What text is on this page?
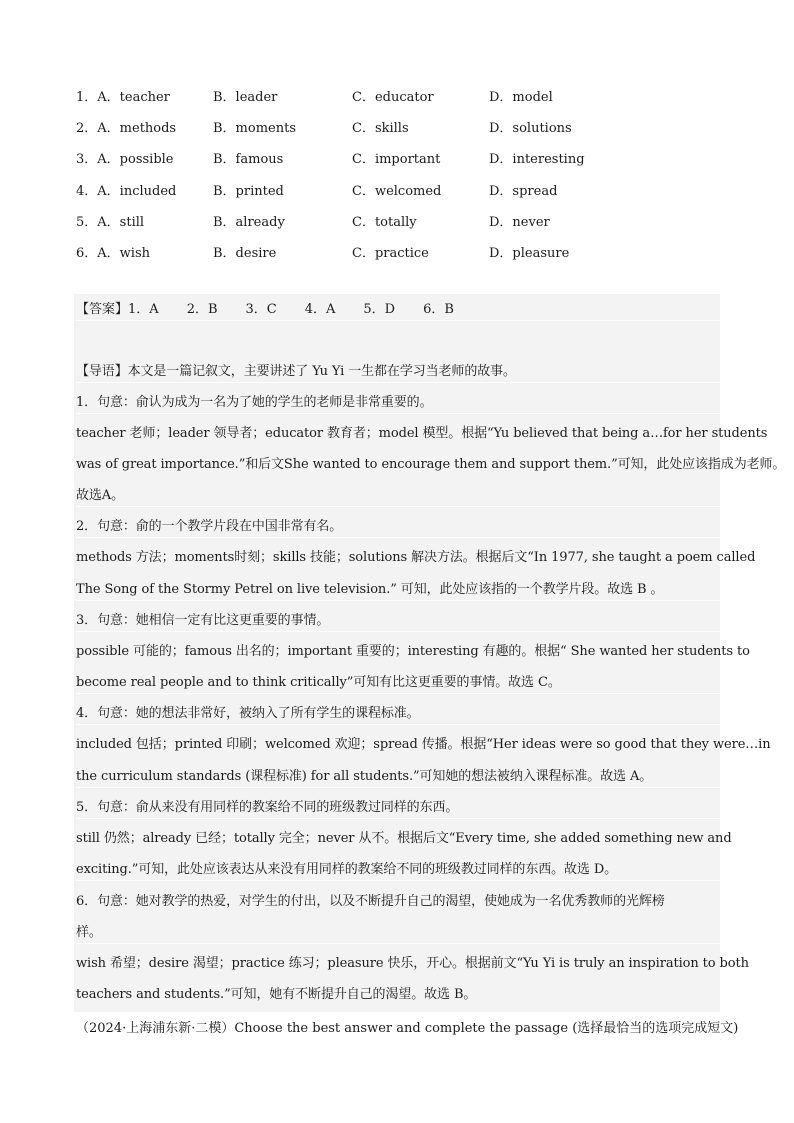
1．A．teacher	B．leader	C．educator	D．model
2．A．methods	B．moments	C．skills	D．solutions
3．A．possible	B．famous	C．important	D．interesting
4．A．included	B．printed	C．welcomed	D．spread
5．A．still	B．already	C．totally	D．never
6．A．wish	B．desire	C．practice	D．pleasure
【答案】1．A 2．B 3．C 4．A 5．D 6．B
【导语】本文是一篇记叙文，主要讲述了 Yu Yi 一生都在学习当老师的故事。
1．句意：俞认为成为一名为了她的学生的老师是非常重要的。
teacher 老师；leader 领导者；educator 教育者；model 模型。根据“Yu believed that being a…for her students
was of great importance.”和后文She wanted to encourage them and support them.”可知，此处应该指成为老师。
故选A。
2．句意：俞的一个教学片段在中国非常有名。
methods 方法；moments时刻；skills 技能；solutions 解决方法。根据后文“In 1977, she taught a poem called
The Song of the Stormy Petrel on live television.” 可知，此处应该指的一个教学片段。故选 B 。
3．句意：她相信一定有比这更重要的事情。
possible 可能的；famous 出名的；important 重要的；interesting 有趣的。根据“ She wanted her students to
become real people and to think critically”可知有比这更重要的事情。故选 C。
4．句意：她的想法非常好，被纳入了所有学生的课程标准。
included 包括；printed 印刷；welcomed 欢迎；spread 传播。根据“Her ideas were so good that they were…in
the curriculum standards (课程标准) for all students.”可知她的想法被纳入课程标准。故选 A。
5．句意：俞从来没有用同样的教案给不同的班级教过同样的东西。
still 仍然；already 已经；totally 完全；never 从不。根据后文“Every time, she added something new and
exciting.”可知，此处应该表达从来没有用同样的教案给不同的班级教过同样的东西。故选 D。
6．句意：她对教学的热爱，对学生的付出，以及不断提升自己的渴望，使她成为一名优秀教师的光辉榜
样。
wish 希望；desire 渴望；practice 练习；pleasure 快乐，开心。根据前文“Yu Yi is truly an inspiration to both
teachers and students.”可知，她有不断提升自己的渴望。故选 B。
（2024·上海浦东新·二模）Choose the best answer and complete the passage (选择最恰当的选项完成短文)
